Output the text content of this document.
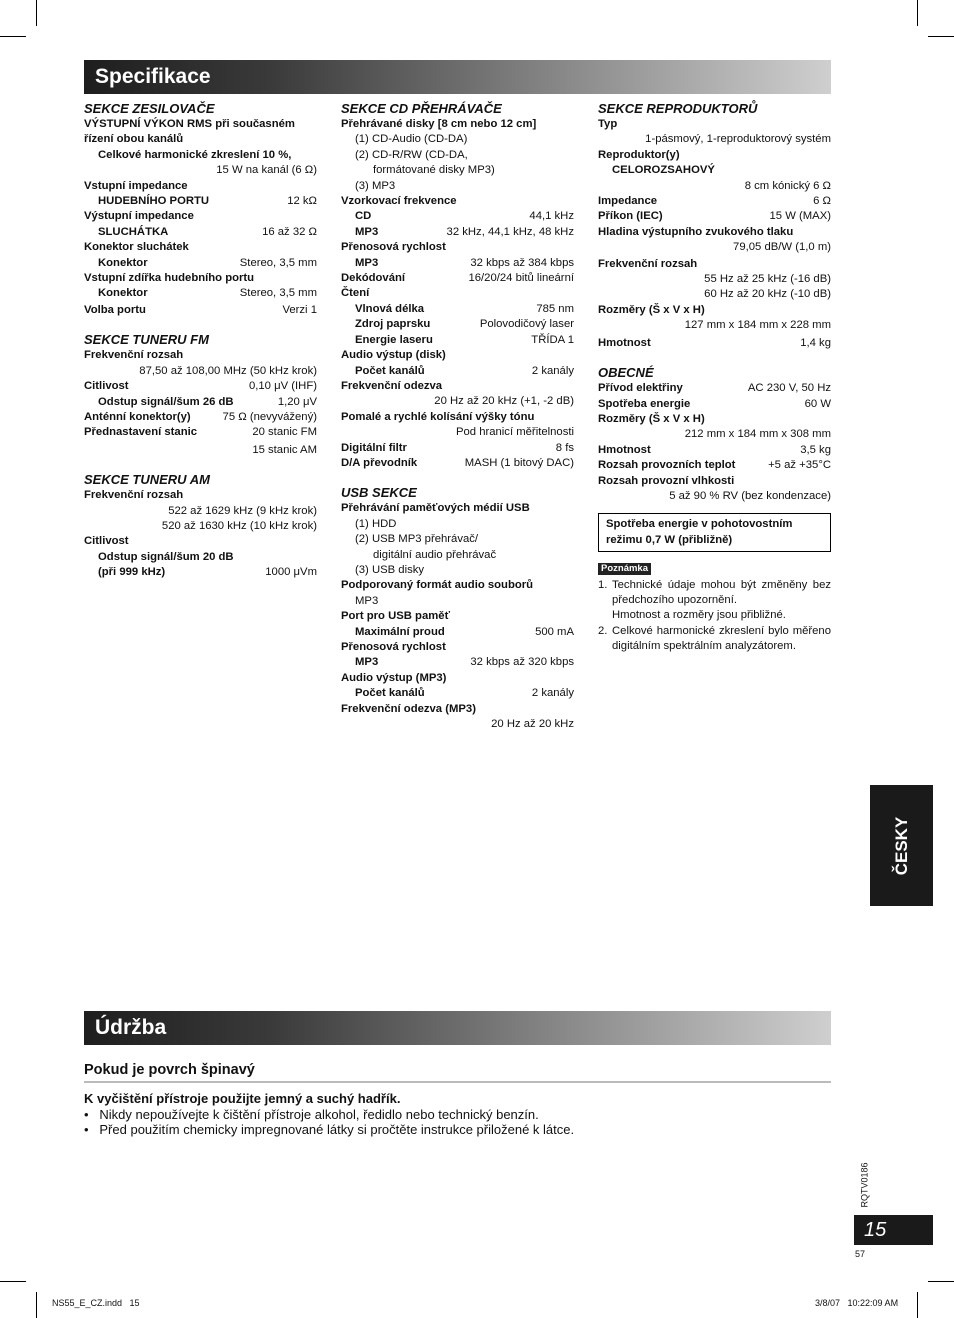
Specifikace
SEKCE ZESILOVAČE
VÝSTUPNÍ VÝKON RMS při současném
řízení obou kanálů
Celkové harmonické zkreslení 10 %,
15 W na kanál (6 Ω)
Vstupní impedance
HUDEBNÍHO PORTU	12 kΩ
Výstupní impedance
SLUCHÁTKA	16 až 32 Ω
Konektor sluchátek
Konektor	Stereo, 3,5 mm
Vstupní zdířka hudebního portu
Konektor	Stereo, 3,5 mm
Volba portu	Verzi 1
SEKCE TUNERU FM
Frekvenční rozsah
87,50 až 108,00 MHz (50 kHz krok)
Citlivost	0,10 μV (IHF)
Odstup signál/šum 26 dB	1,20 μV
Anténní konektor(y)	75 Ω (nevyvážený)
Přednastavení stanic	20 stanic FM
15 stanic AM
SEKCE TUNERU AM
Frekvenční rozsah
522 až 1629 kHz (9 kHz krok)
520 až 1630 kHz (10 kHz krok)
Citlivost
Odstup signál/šum 20 dB
(při 999 kHz)	1000 μVm
SEKCE CD PŘEHRÁVAČE
Přehrávané disky [8 cm nebo 12 cm]
(1) CD-Audio (CD-DA)
(2) CD-R/RW (CD-DA,
formátované disky MP3)
(3) MP3
Vzorkovací frekvence
CD	44,1 kHz
MP3	32 kHz, 44,1 kHz, 48 kHz
Přenosová rychlost
MP3	32 kbps až 384 kbps
Dekódování	16/20/24 bitů lineární
Čtení
Vlnová délka	785 nm
Zdroj paprsku	Polovodičový laser
Energie laseru	TŘÍDA 1
Audio výstup (disk)
Počet kanálů	2 kanály
Frekvenční odezva
20 Hz až 20 kHz (+1, -2 dB)
Pomalé a rychlé kolísání výšky tónu
Pod hranicí měřitelnosti
Digitální filtr	8 fs
D/A převodník	MASH (1 bitový DAC)
USB SEKCE
Přehrávání paměťových médií USB
(1) HDD
(2) USB MP3 přehrávač/
digitální audio přehrávač
(3) USB disky
Podporovaný formát audio souborů
MP3
Port pro USB paměť
Maximální proud	500 mA
Přenosová rychlost
MP3	32 kbps až 320 kbps
Audio výstup (MP3)
Počet kanálů	2 kanály
Frekvenční odezva (MP3)
20 Hz až 20 kHz
SEKCE REPRODUKTORŮ
Typ
1-pásmový, 1-reproduktorový systém
Reproduktor(y)
CELOROZSAHOVÝ
8 cm kónický 6 Ω
Impedance	6 Ω
Příkon (IEC)	15 W (MAX)
Hladina výstupního zvukového tlaku
79,05 dB/W (1,0 m)
Frekvenční rozsah
55 Hz až 25 kHz (-16 dB)
60 Hz až 20 kHz (-10 dB)
Rozměry (Š x V x H)
127 mm x 184 mm x 228 mm
Hmotnost	1,4 kg
OBECNÉ
Přívod elektřiny	AC 230 V, 50 Hz
Spotřeba energie	60 W
Rozměry (Š x V x H)
212 mm x 184 mm x 308 mm
Hmotnost	3,5 kg
Rozsah provozních teplot	+5 až +35°C
Rozsah provozní vlhkosti
5 až 90 % RV (bez kondenzace)
Spotřeba energie v pohotovostním
režimu 0,7 W (přibližně)
Poznámka
1. Technické údaje mohou být změněny bez předchozího upozornění.
Hmotnost a rozměry jsou přibližné.
2. Celkové harmonické zkreslení bylo měřeno digitálním spektrálním analyzátorem.
ČESKY
Údržba
Pokud je povrch špinavý
K vyčištění přístroje použijte jemný a suchý hadřík.
•   Nikdy nepoužívejte k čištění přístroje alkohol, ředidlo nebo technický benzín.
•   Před použitím chemicky impregnované látky si pročtěte instrukce přiložené k látce.
RQTV0186
15
57
NS55_E_CZ.indd   15	3/8/07   10:22:09 AM
